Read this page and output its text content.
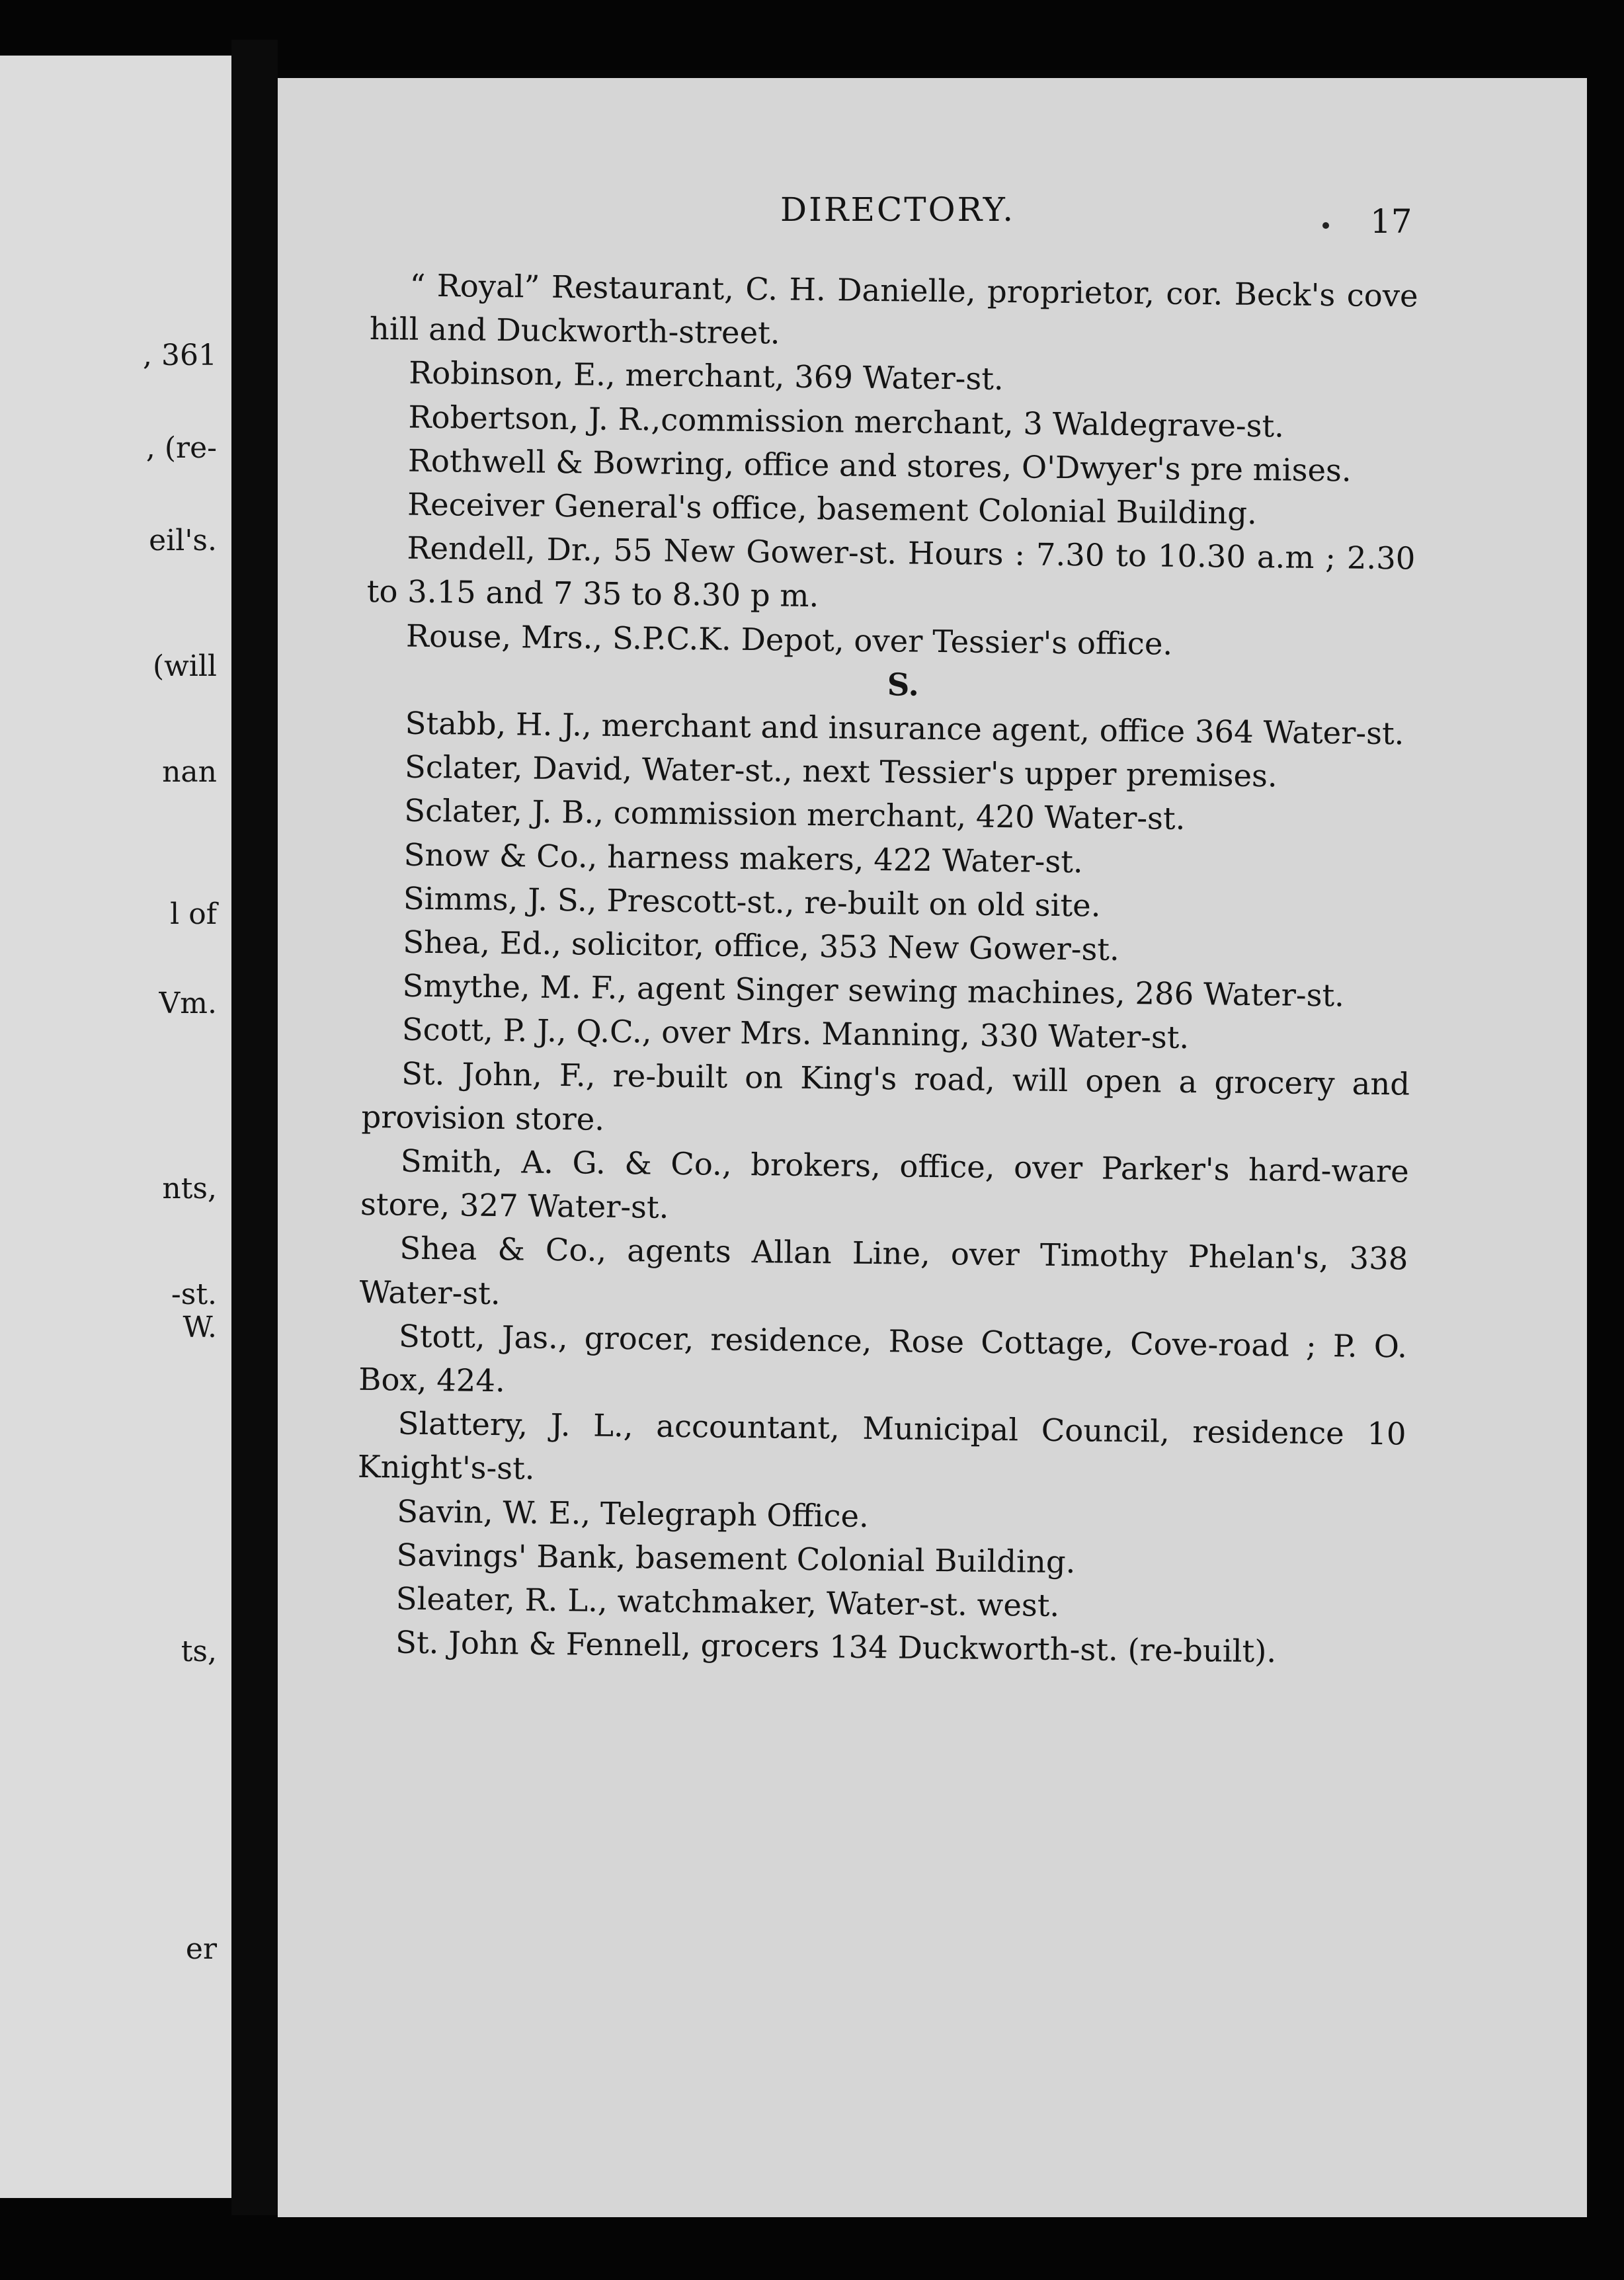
, 361
, (re-
eil's.
(will
nan
l of
Vm.
nts,
-st.
W.
ts,
er
DIRECTORY.	17

“ Royal” Restaurant, C. H. Danielle, proprietor, cor. Beck's cove hill and Duckworth-street.

Robinson, E., merchant, 369 Water-st.

Robertson, J. R.,commission merchant, 3 Waldegrave-st.

Rothwell & Bowring, office and stores, O'Dwyer's pre mises.

Receiver General's office, basement Colonial Building.

Rendell, Dr., 55 New Gower-st. Hours : 7.30 to 10.30 a.m ; 2.30 to 3.15 and 7 35 to 8.30 p m.

Rouse, Mrs., S.P.C.K. Depot, over Tessier's office.

S.

Stabb, H. J., merchant and insurance agent, office 364 Water-st.

Sclater, David, Water-st., next Tessier's upper premises.

Sclater, J. B., commission merchant, 420 Water-st.

Snow & Co., harness makers, 422 Water-st.

Simms, J. S., Prescott-st., re-built on old site.

Shea, Ed., solicitor, office, 353 New Gower-st.

Smythe, M. F., agent Singer sewing machines, 286 Water-st.

Scott, P. J., Q.C., over Mrs. Manning, 330 Water-st.

St. John, F., re-built on King's road, will open a grocery and provision store.

Smith, A. G. & Co., brokers, office, over Parker's hard-ware store, 327 Water-st.

Shea & Co., agents Allan Line, over Timothy Phelan's, 338 Water-st.

Stott, Jas., grocer, residence, Rose Cottage, Cove-road ; P. O. Box, 424.

Slattery, J. L., accountant, Municipal Council, residence 10 Knight's-st.

Savin, W. E., Telegraph Office.

Savings' Bank, basement Colonial Building.

Sleater, R. L., watchmaker, Water-st. west.

St. John & Fennell, grocers 134 Duckworth-st. (re-built).
